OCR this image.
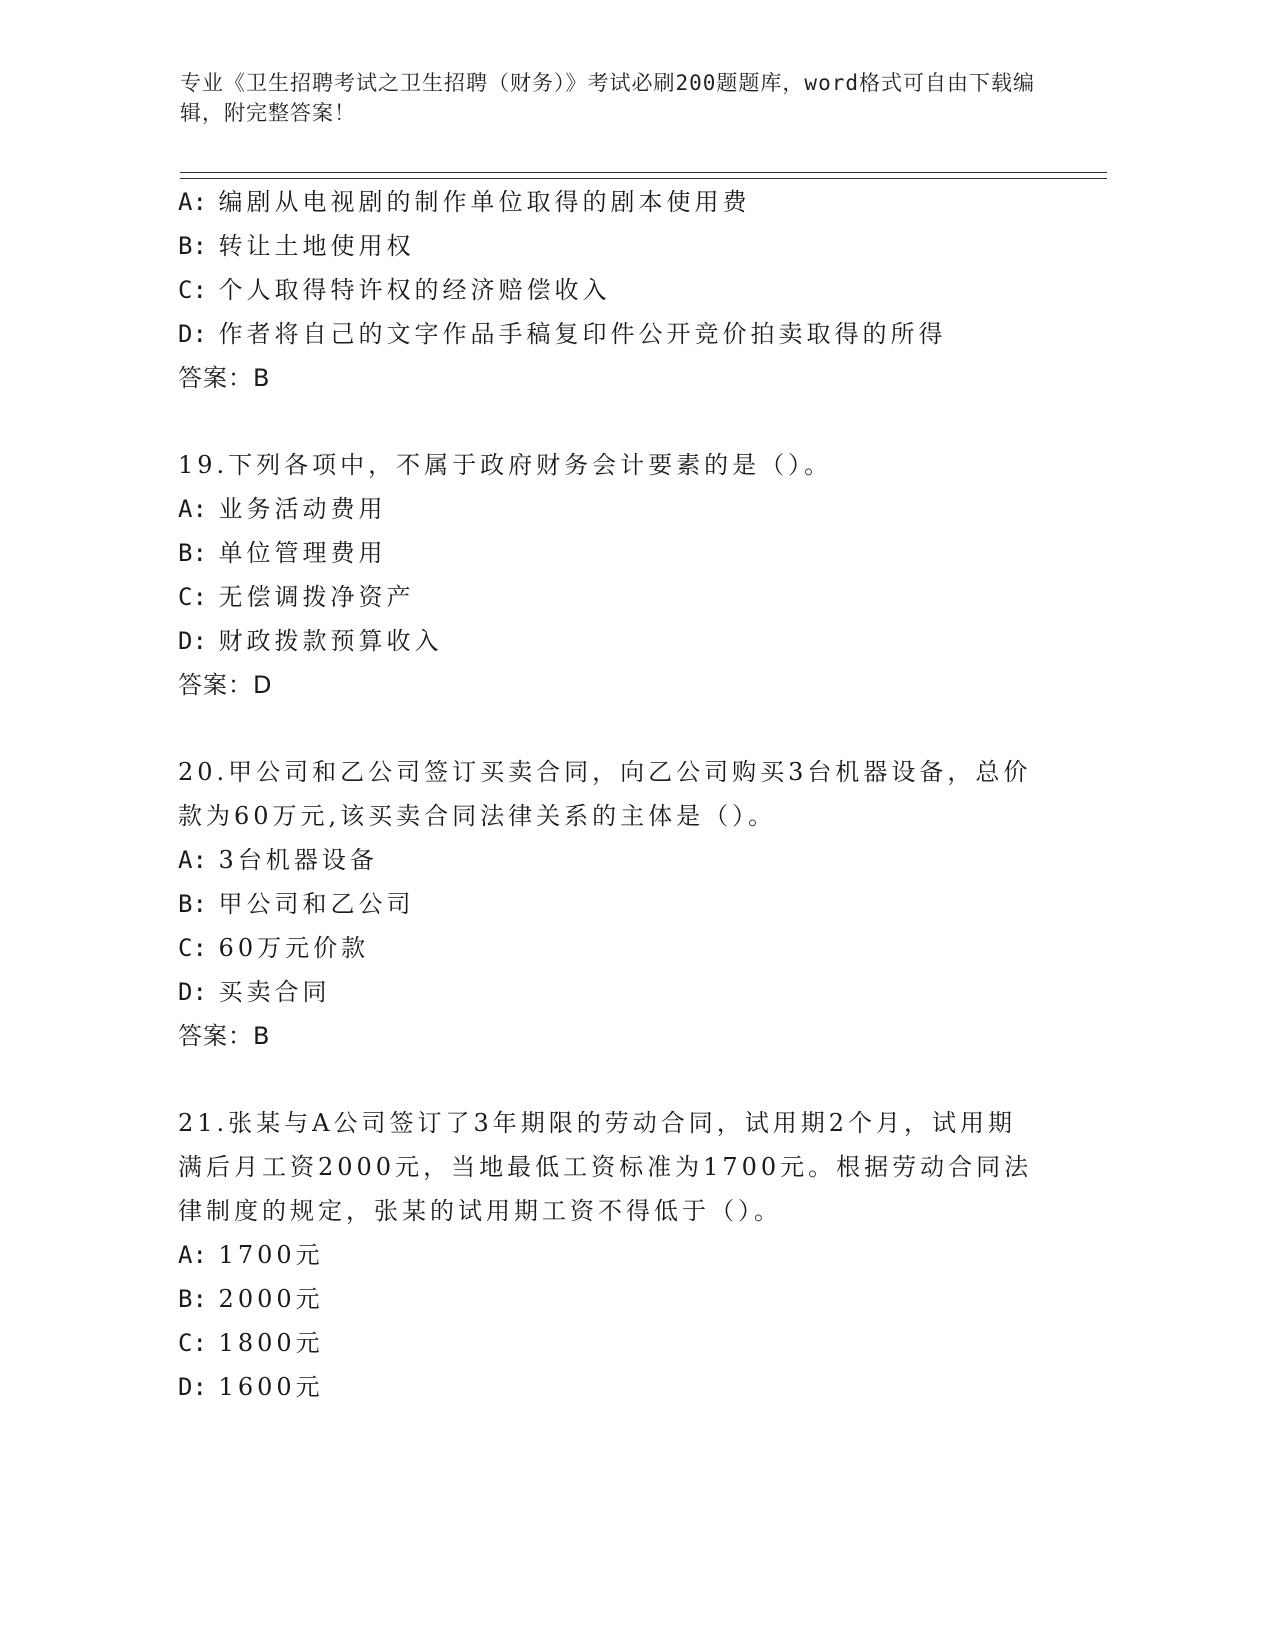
专业《卫生招聘考试之卫生招聘（财务）》考试必刷200题题库，word格式可自由下载编辑，附完整答案！
A: 编剧从电视剧的制作单位取得的剧本使用费
B: 转让土地使用权
C: 个人取得特许权的经济赔偿收入
D: 作者将自己的文字作品手稿复印件公开竞价拍卖取得的所得
答案：B
19.下列各项中，不属于政府财务会计要素的是（）。
A: 业务活动费用
B: 单位管理费用
C: 无偿调拨净资产
D: 财政拨款预算收入
答案：D
20.甲公司和乙公司签订买卖合同，向乙公司购买3台机器设备，总价
款为60万元,该买卖合同法律关系的主体是（）。
A: 3台机器设备
B: 甲公司和乙公司
C: 60万元价款
D: 买卖合同
答案：B
21.张某与A公司签订了3年期限的劳动合同，试用期2个月，试用期
满后月工资2000元，当地最低工资标准为1700元。根据劳动合同法
律制度的规定，张某的试用期工资不得低于（）。
A: 1700元
B: 2000元
C: 1800元
D: 1600元
